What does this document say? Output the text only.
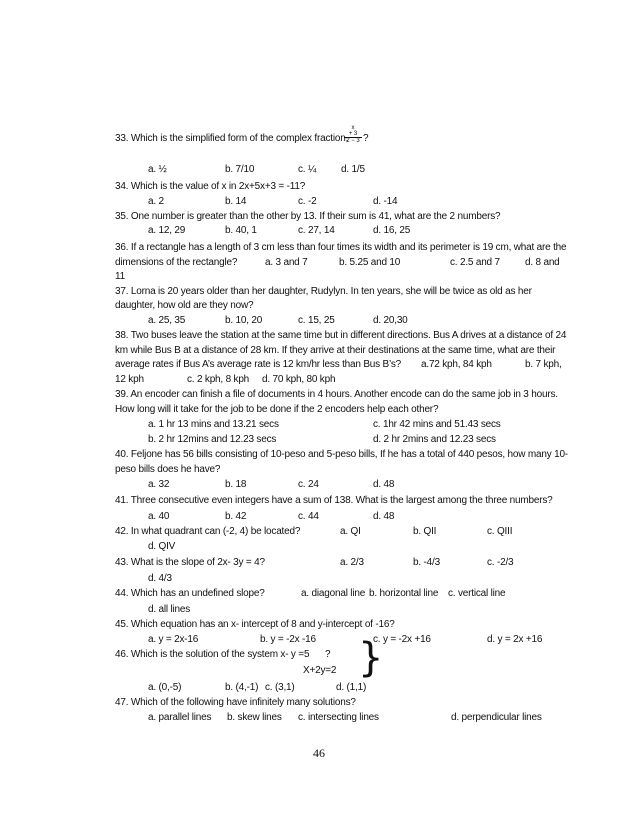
33. Which is the simplified form of the complex fraction, ?
x
+ 3
2 − 3
a. ½	b. 7/10	c. ¼ d. 1/5
34. Which is the value of x in 2x+5x+3 = -11?
a. 2	b. 14	c. -2	d. -14
35. One number is greater than the other by 13. If their sum is 41, what are the 2 numbers?
a. 12, 29	b. 40, 1	c. 27, 14	d. 16, 25
36. If a rectangle has a length of 3 cm less than four times its width and its perimeter is 19 cm, what are the
dimensions of the rectangle?	a. 3 and 7	b. 5.25 and 10	c. 2.5 and 7	d. 8 and
11
37. Lorna is 20 years older than her daughter, Rudylyn. In ten years, she will be twice as old as her
daughter, how old are they now?
a. 25, 35	b. 10, 20	c. 15, 25	d. 20,30
38. Two buses leave the station at the same time but in different directions. Bus A drives at a distance of 24
km while Bus B at a distance of 28 km. If they arrive at their destinations at the same time, what are their
average rates if Bus A’s average rate is 12 km/hr less than Bus B’s? a.72 kph, 84 kph	b. 7 kph,
12 kph	c. 2 kph, 8 kph d. 70 kph, 80 kph
39. An encoder can finish a file of documents in 4 hours. Another encode can do the same job in 3 hours.
How long will it take for the job to be done if the 2 encoders help each other?
a. 1 hr 13 mins and 13.21 secs	c. 1hr 42 mins and 51.43 secs
b. 2 hr 12mins and 12.23 secs	d. 2 hr 2mins and 12.23 secs
40. Feljone has 56 bills consisting of 10-peso and 5-peso bills, If he has a total of 440 pesos, how many 10-
peso bills does he have?
a. 32	b. 18	c. 24	d. 48
41. Three consecutive even integers have a sum of 138. What is the largest among the three numbers?
a. 40	b. 42	c. 44	d. 48
42. In what quadrant can (-2, 4) be located?	a. QI	b. QII	c. QIII
d. QIV
43. What is the slope of 2x- 3y = 4?	a. 2/3	b. -4/3	c. -2/3
d. 4/3
44. Which has an undefined slope?	a. diagonal line b. horizontal line c. vertical line
d. all lines
45. Which equation has an x- intercept of 8 and y-intercept of -16?
a. y = 2x-16	b. y = -2x -16	c. y = -2x +16	d. y = 2x +16
46. Which is the solution of the system x- y =5 ?
X+2y=2 }
a. (0,-5)	b. (4,-1) c. (3,1)	d. (1,1)
47. Which of the following have infinitely many solutions?
a. parallel lines b. skew lines c. intersecting lines	d. perpendicular lines
46
